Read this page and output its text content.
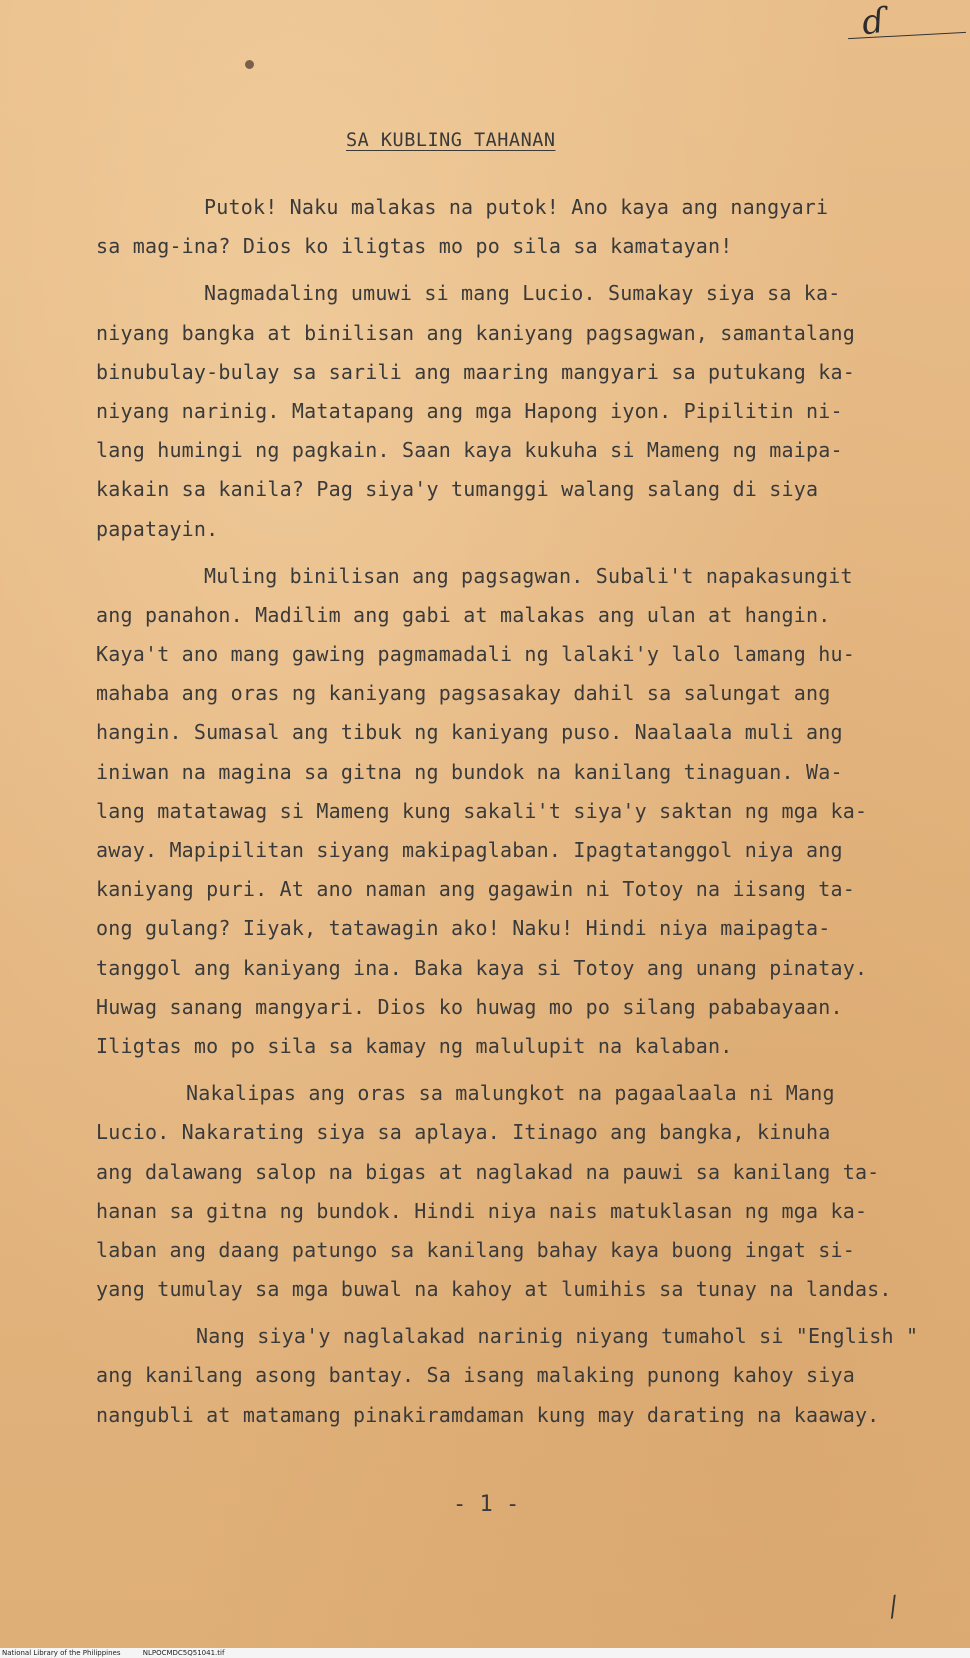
ɗ
SA KUBLING TAHANAN
Putok! Naku malakas na putok! Ano kaya ang nangyari
sa mag-ina? Dios ko iligtas mo po sila sa kamatayan!
Nagmadaling umuwi si mang Lucio. Sumakay siya sa ka-
niyang bangka at binilisan ang kaniyang pagsagwan, samantalang
binubulay-bulay sa sarili ang maaring mangyari sa putukang ka-
niyang narinig. Matatapang ang mga Hapong iyon. Pipilitin ni-
lang humingi ng pagkain. Saan kaya kukuha si Mameng ng maipa-
kakain sa kanila? Pag siya'y tumanggi walang salang di siya
papatayin.
Muling binilisan ang pagsagwan. Subali't napakasungit
ang panahon. Madilim ang gabi at malakas ang ulan at hangin.
Kaya't ano mang gawing pagmamadali ng lalaki'y lalo lamang hu-
mahaba ang oras ng kaniyang pagsasakay dahil sa salungat ang
hangin. Sumasal ang tibuk ng kaniyang puso. Naalaala muli ang
iniwan na magina sa gitna ng bundok na kanilang tinaguan. Wa-
lang matatawag si Mameng kung sakali't siya'y saktan ng mga ka-
away. Mapipilitan siyang makipaglaban. Ipagtatanggol niya ang
kaniyang puri. At ano naman ang gagawin ni Totoy na iisang ta-
ong gulang? Iiyak, tatawagin ako! Naku! Hindi niya maipagta-
tanggol ang kaniyang ina. Baka kaya si Totoy ang unang pinatay.
Huwag sanang mangyari. Dios ko huwag mo po silang pababayaan.
Iligtas mo po sila sa kamay ng malulupit na kalaban.
Nakalipas ang oras sa malungkot na pagaalaala ni Mang
Lucio. Nakarating siya sa aplaya. Itinago ang bangka, kinuha
ang dalawang salop na bigas at naglakad na pauwi sa kanilang ta-
hanan sa gitna ng bundok. Hindi niya nais matuklasan ng mga ka-
laban ang daang patungo sa kanilang bahay kaya buong ingat si-
yang tumulay sa mga buwal na kahoy at lumihis sa tunay na landas.
Nang siya'y naglalakad narinig niyang tumahol si "English "
ang kanilang asong bantay. Sa isang malaking punong kahoy siya
nangubli at matamang pinakiramdaman kung may darating na kaaway.
- 1 -
/
National Library of the Philippines	NLPOCMDC5Q51041.tif
